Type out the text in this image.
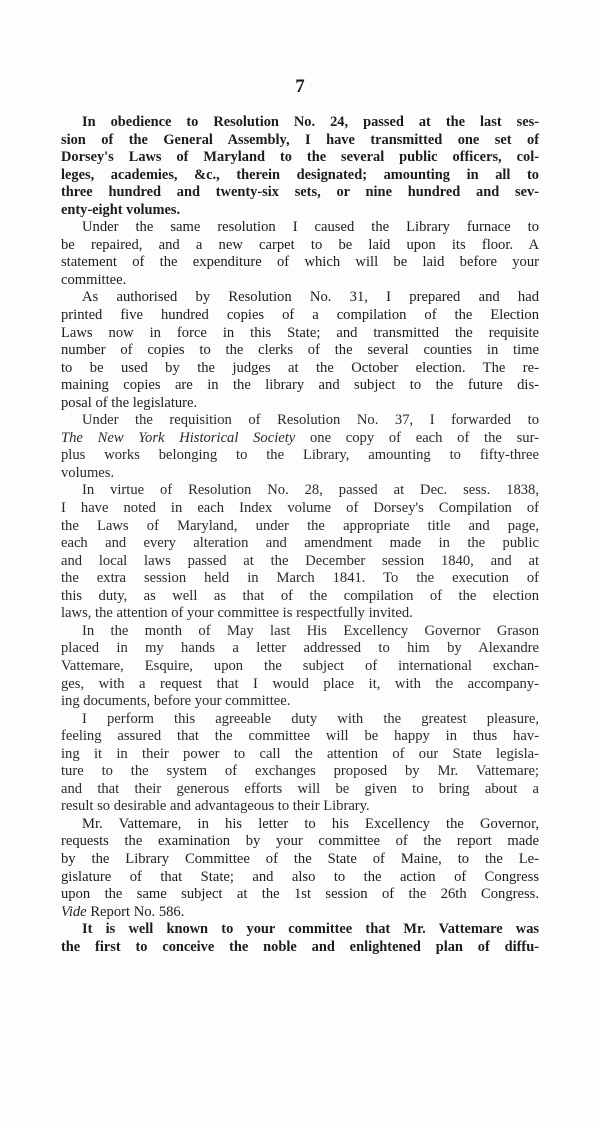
7
In obedience to Resolution No. 24, passed at the last ses-
sion of the General Assembly, I have transmitted one set of
Dorsey's Laws of Maryland to the several public officers, col-
leges, academies, &c., therein designated; amounting in all to
three hundred and twenty-six sets, or nine hundred and sev-
enty-eight volumes.
Under the same resolution I caused the Library furnace to
be repaired, and a new carpet to be laid upon its floor. A
statement of the expenditure of which will be laid before your
committee.
As authorised by Resolution No. 31, I prepared and had
printed five hundred copies of a compilation of the Election
Laws now in force in this State; and transmitted the requisite
number of copies to the clerks of the several counties in time
to be used by the judges at the October election. The re-
maining copies are in the library and subject to the future dis-
posal of the legislature.
Under the requisition of Resolution No. 37, I forwarded to
The New York Historical Society one copy of each of the sur-
plus works belonging to the Library, amounting to fifty-three
volumes.
In virtue of Resolution No. 28, passed at Dec. sess. 1838,
I have noted in each Index volume of Dorsey's Compilation of
the Laws of Maryland, under the appropriate title and page,
each and every alteration and amendment made in the public
and local laws passed at the December session 1840, and at
the extra session held in March 1841. To the execution of
this duty, as well as that of the compilation of the election
laws, the attention of your committee is respectfully invited.
In the month of May last His Excellency Governor Grason
placed in my hands a letter addressed to him by Alexandre
Vattemare, Esquire, upon the subject of international exchan-
ges, with a request that I would place it, with the accompany-
ing documents, before your committee.
I perform this agreeable duty with the greatest pleasure,
feeling assured that the committee will be happy in thus hav-
ing it in their power to call the attention of our State legisla-
ture to the system of exchanges proposed by Mr. Vattemare;
and that their generous efforts will be given to bring about a
result so desirable and advantageous to their Library.
Mr. Vattemare, in his letter to his Excellency the Governor,
requests the examination by your committee of the report made
by the Library Committee of the State of Maine, to the Le-
gislature of that State; and also to the action of Congress
upon the same subject at the 1st session of the 26th Congress.
Vide Report No. 586.
It is well known to your committee that Mr. Vattemare was
the first to conceive the noble and enlightened plan of diffu-
